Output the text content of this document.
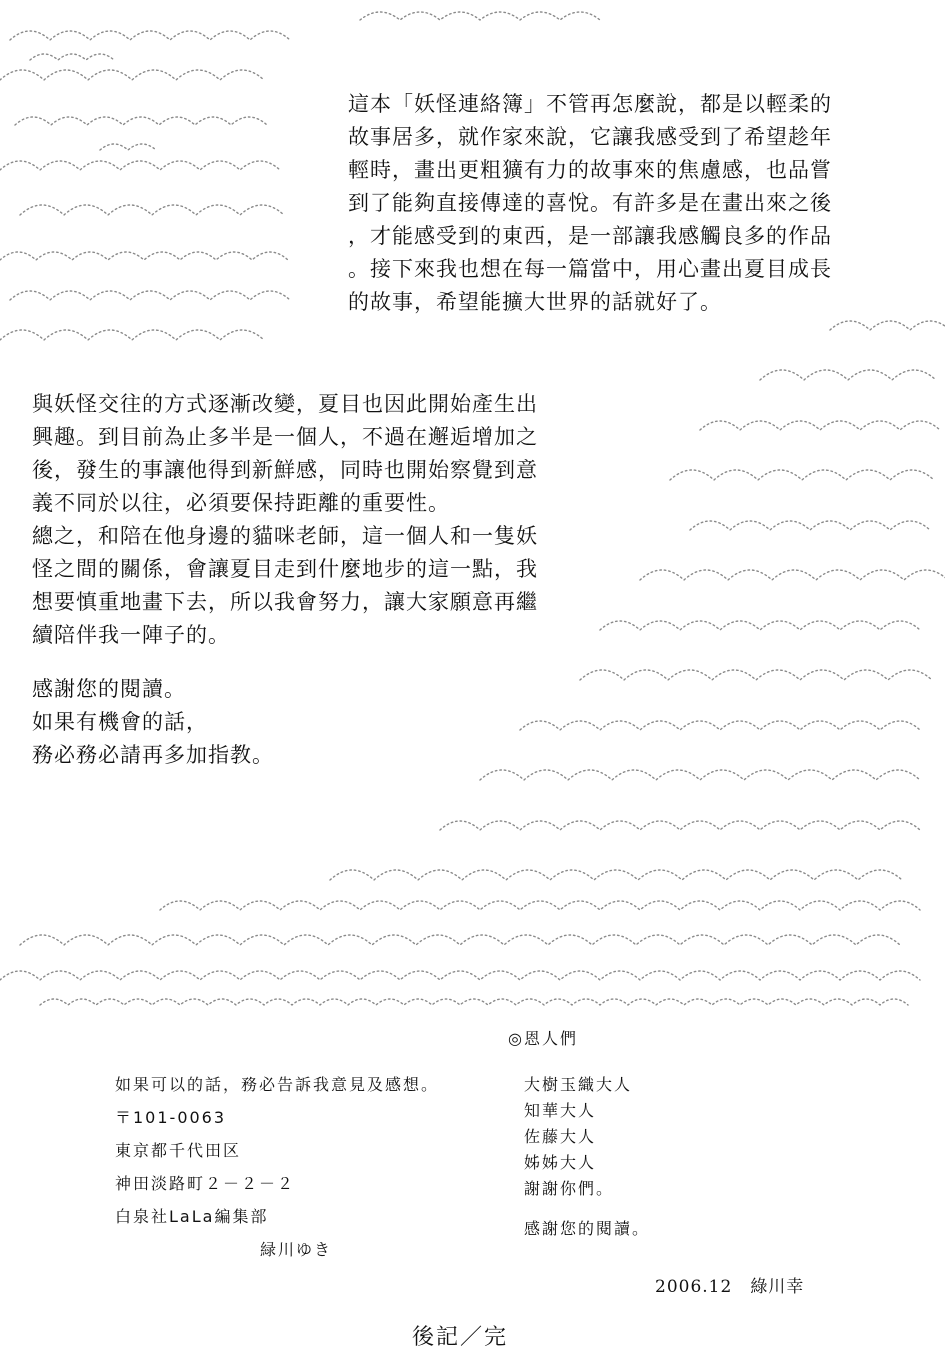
這本「妖怪連絡簿」不管再怎麼說，都是以輕柔的
故事居多，就作家來說，它讓我感受到了希望趁年
輕時，畫出更粗獷有力的故事來的焦慮感，也品嘗
到了能夠直接傳達的喜悅。有許多是在畫出來之後
，才能感受到的東西，是一部讓我感觸良多的作品
。接下來我也想在每一篇當中，用心畫出夏目成長
的故事，希望能擴大世界的話就好了。
與妖怪交往的方式逐漸改變，夏目也因此開始產生出
興趣。到目前為止多半是一個人，不過在邂逅增加之
後，發生的事讓他得到新鮮感，同時也開始察覺到意
義不同於以往，必須要保持距離的重要性。
總之，和陪在他身邊的貓咪老師，這一個人和一隻妖
怪之間的關係，會讓夏目走到什麼地步的這一點，我
想要慎重地畫下去，所以我會努力，讓大家願意再繼
續陪伴我一陣子的。
感謝您的閱讀。
如果有機會的話，
務必務必請再多加指教。
如果可以的話，務必告訴我意見及感想。
〒101-0063
東京都千代田区
神田淡路町２－２－２
白泉社LaLa編集部
緑川ゆき
◎恩人們
大樹玉織大人
知華大人
佐藤大人
姊姊大人
謝謝你們。
感謝您的閱讀。
2006.12 綠川幸
後記／完
